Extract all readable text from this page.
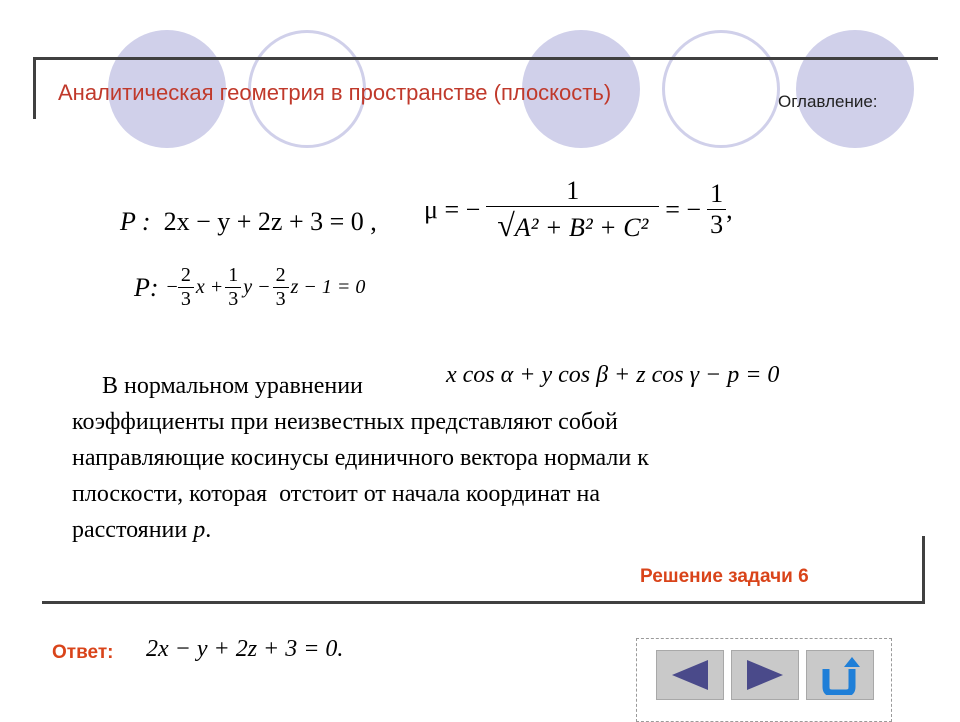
Аналитическая геометрия в пространстве (плоскость)	Оглавление:
P : 2x − y + 2z + 3 = 0 , μ = − $\frac{1}{\text{√A² + B² + C²}}$ = − $\frac{1}{3}$ ,
P: − $\frac{2}{3}$ $x + \frac{1}{3}$ $y - \frac{2}{3}$ z − 1 = 0
x cos α + y cos β + z cos γ − p = 0
В нормальном уравнении
коэффициенты при неизвестных представляют собой
направляющие косинусы единичного вектора нормали к
плоскости, которая  отстоит от начала координат на
расстоянии p.
Решение задачи 6
Ответ: 2x − y + 2z + 3 = 0.
